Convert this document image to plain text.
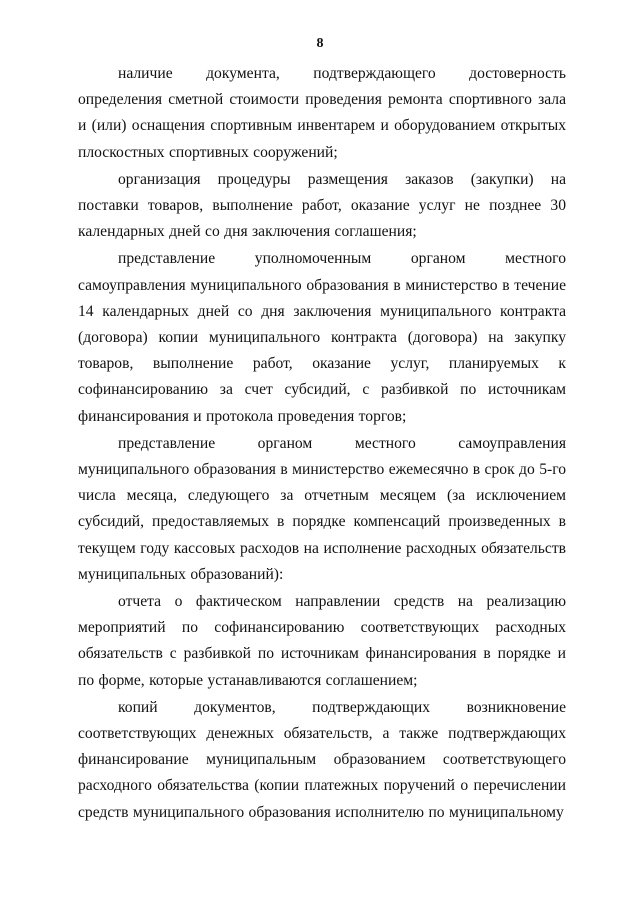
8

наличие документа, подтверждающего достоверность определения сметной стоимости проведения ремонта спортивного зала и (или) оснащения спортивным инвентарем и оборудованием открытых плоскостных спортивных сооружений;

организация процедуры размещения заказов (закупки) на поставки товаров, выполнение работ, оказание услуг не позднее 30 календарных дней со дня заключения соглашения;

представление уполномоченным органом местного самоуправления муниципального образования в министерство в течение 14 календарных дней со дня заключения муниципального контракта (договора) копии муниципального контракта (договора) на закупку товаров, выполнение работ, оказание услуг, планируемых к софинансированию за счет субсидий, с разбивкой по источникам финансирования и протокола проведения торгов;

представление органом местного самоуправления муниципального образования в министерство ежемесячно в срок до 5-го числа месяца, следующего за отчетным месяцем (за исключением субсидий, предоставляемых в порядке компенсаций произведенных в текущем году кассовых расходов на исполнение расходных обязательств муниципальных образований):

отчета о фактическом направлении средств на реализацию мероприятий по софинансированию соответствующих расходных обязательств с разбивкой по источникам финансирования в порядке и по форме, которые устанавливаются соглашением;

копий документов, подтверждающих возникновение соответствующих денежных обязательств, а также подтверждающих финансирование муниципальным образованием соответствующего расходного обязательства (копии платежных поручений о перечислении средств муниципального образования исполнителю по муниципальному
